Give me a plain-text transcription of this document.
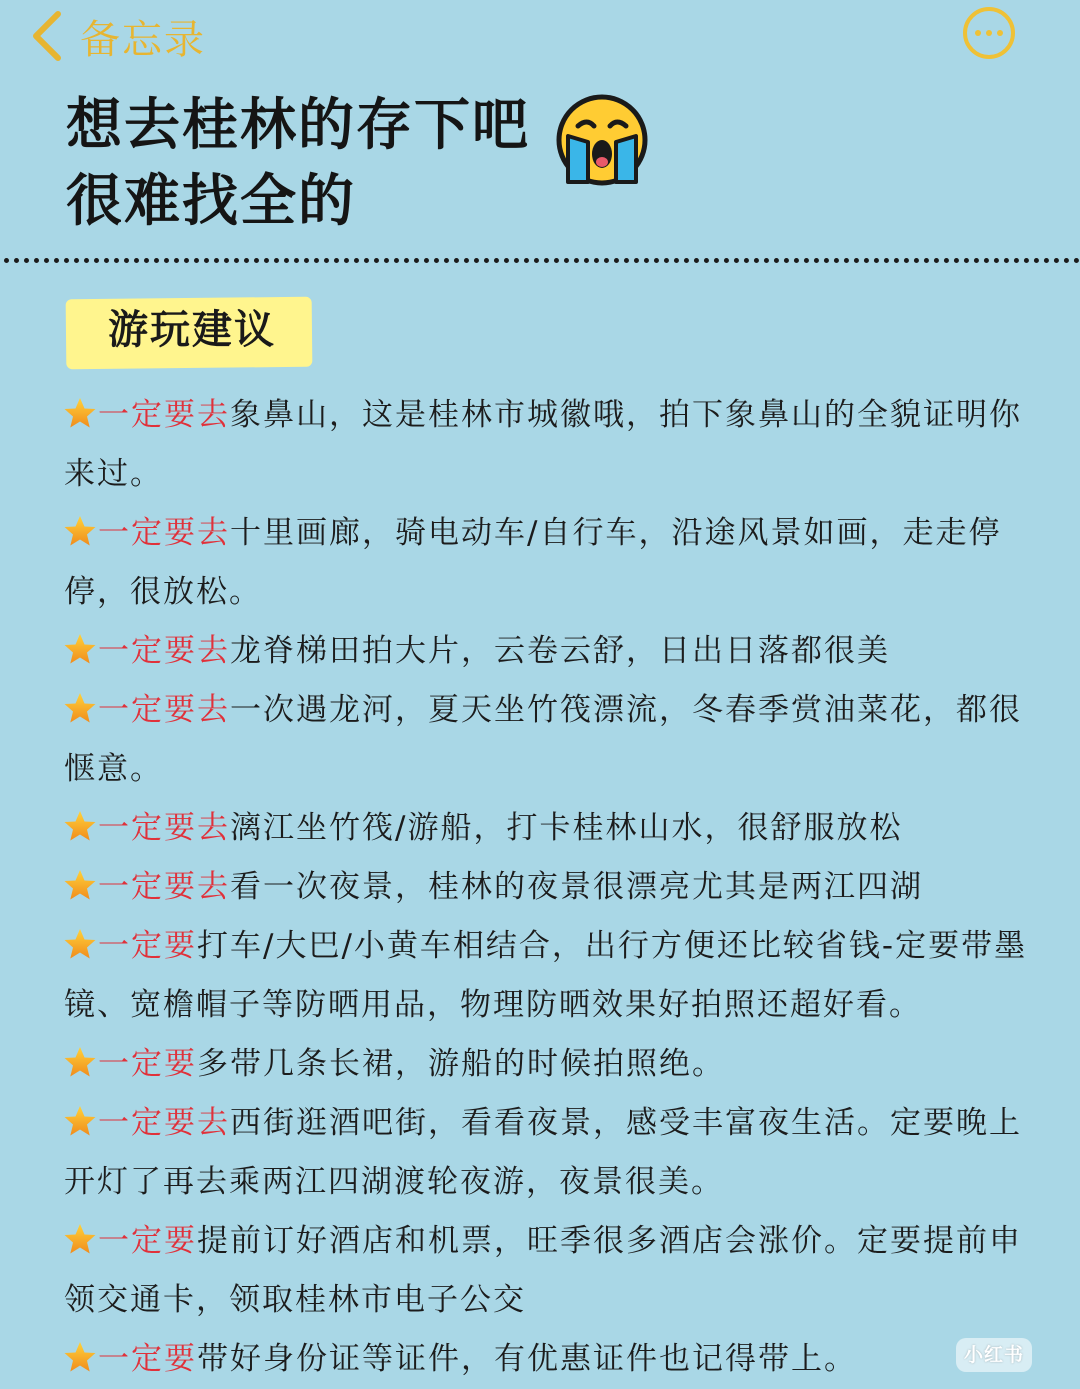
备忘录
想去桂林的存下吧
很难找全的
游玩建议

一定要去象鼻山，这是桂林市城徽哦，拍下象鼻山的全貌证明你来过。

一定要去十里画廊，骑电动车/自行车，沿途风景如画，走走停停，很放松。

一定要去龙脊梯田拍大片，云卷云舒，日出日落都很美

一定要去一次遇龙河，夏天坐竹筏漂流，冬春季赏油菜花，都很惬意。

一定要去漓江坐竹筏/游船，打卡桂林山水，很舒服放松

一定要去看一次夜景，桂林的夜景很漂亮尤其是两江四湖

一定要打车/大巴/小黄车相结合，出行方便还比较省钱-定要带墨镜、宽檐帽子等防晒用品，物理防晒效果好拍照还超好看。

一定要多带几条长裙，游船的时候拍照绝。

一定要去西街逛酒吧街，看看夜景，感受丰富夜生活。定要晚上开灯了再去乘两江四湖渡轮夜游，夜景很美。

一定要提前订好酒店和机票，旺季很多酒店会涨价。定要提前申领交通卡，领取桂林市电子公交

一定要带好身份证等证件，有优惠证件也记得带上。	小红书
